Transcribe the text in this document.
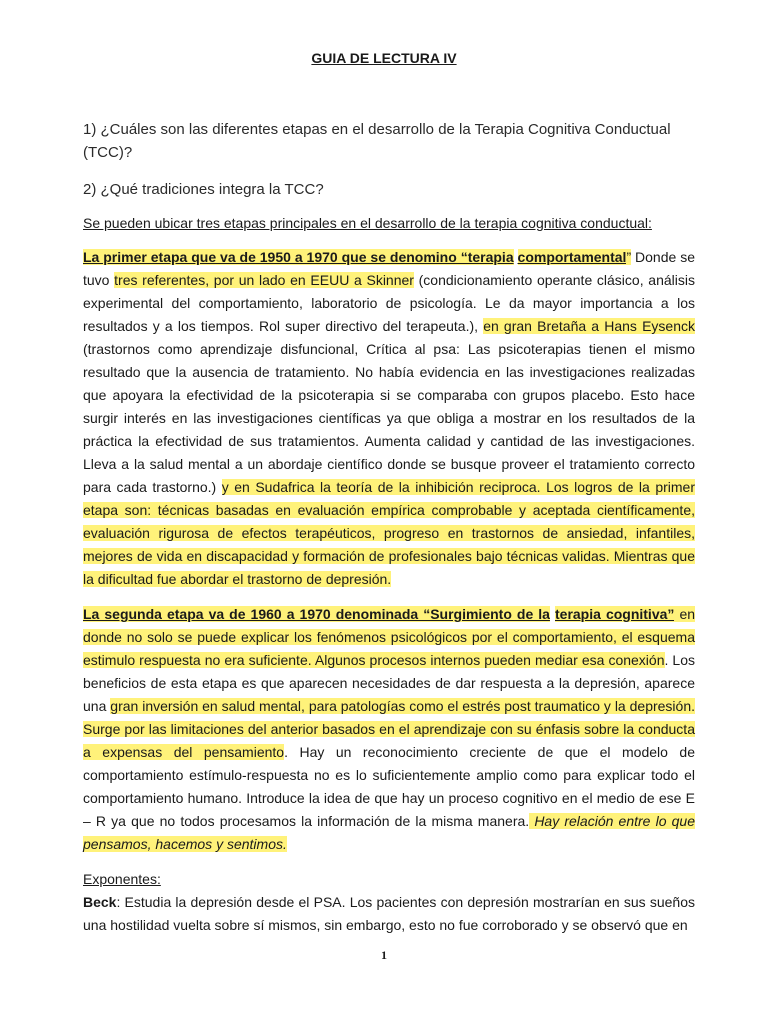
GUIA DE LECTURA IV
1) ¿Cuáles son las diferentes etapas en el desarrollo de la Terapia Cognitiva Conductual (TCC)?
2) ¿Qué tradiciones integra la TCC?
Se pueden ubicar tres etapas principales en el desarrollo de la terapia cognitiva conductual:
La primer etapa que va de 1950 a 1970 que se denomino “terapia comportamental” Donde se tuvo tres referentes, por un lado en EEUU a Skinner (condicionamiento operante clásico, análisis experimental del comportamiento, laboratorio de psicología. Le da mayor importancia a los resultados y a los tiempos. Rol super directivo del terapeuta.), en gran Bretaña a Hans Eysenck (trastornos como aprendizaje disfuncional, Crítica al psa: Las psicoterapias tienen el mismo resultado que la ausencia de tratamiento. No había evidencia en las investigaciones realizadas que apoyara la efectividad de la psicoterapia si se comparaba con grupos placebo. Esto hace surgir interés en las investigaciones científicas ya que obliga a mostrar en los resultados de la práctica la efectividad de sus tratamientos. Aumenta calidad y cantidad de las investigaciones. Lleva a la salud mental a un abordaje científico donde se busque proveer el tratamiento correcto para cada trastorno.) y en Sudafrica la teoría de la inhibición reciproca. Los logros de la primer etapa son: técnicas basadas en evaluación empírica comprobable y aceptada científicamente, evaluación rigurosa de efectos terapéuticos, progreso en trastornos de ansiedad, infantiles, mejores de vida en discapacidad y formación de profesionales bajo técnicas validas. Mientras que la dificultad fue abordar el trastorno de depresión.
La segunda etapa va de 1960 a 1970 denominada “Surgimiento de la terapia cognitiva” en donde no solo se puede explicar los fenómenos psicológicos por el comportamiento, el esquema estimulo respuesta no era suficiente. Algunos procesos internos pueden mediar esa conexión. Los beneficios de esta etapa es que aparecen necesidades de dar respuesta a la depresión, aparece una gran inversión en salud mental, para patologías como el estrés post traumatico y la depresión. Surge por las limitaciones del anterior basados en el aprendizaje con su énfasis sobre la conducta a expensas del pensamiento. Hay un reconocimiento creciente de que el modelo de comportamiento estímulo-respuesta no es lo suficientemente amplio como para explicar todo el comportamiento humano. Introduce la idea de que hay un proceso cognitivo en el medio de ese E – R ya que no todos procesamos la información de la misma manera. Hay relación entre lo que pensamos, hacemos y sentimos.
Exponentes:
Beck: Estudia la depresión desde el PSA. Los pacientes con depresión mostrarían en sus sueños una hostilidad vuelta sobre sí mismos, sin embargo, esto no fue corroborado y se observó que en
1
